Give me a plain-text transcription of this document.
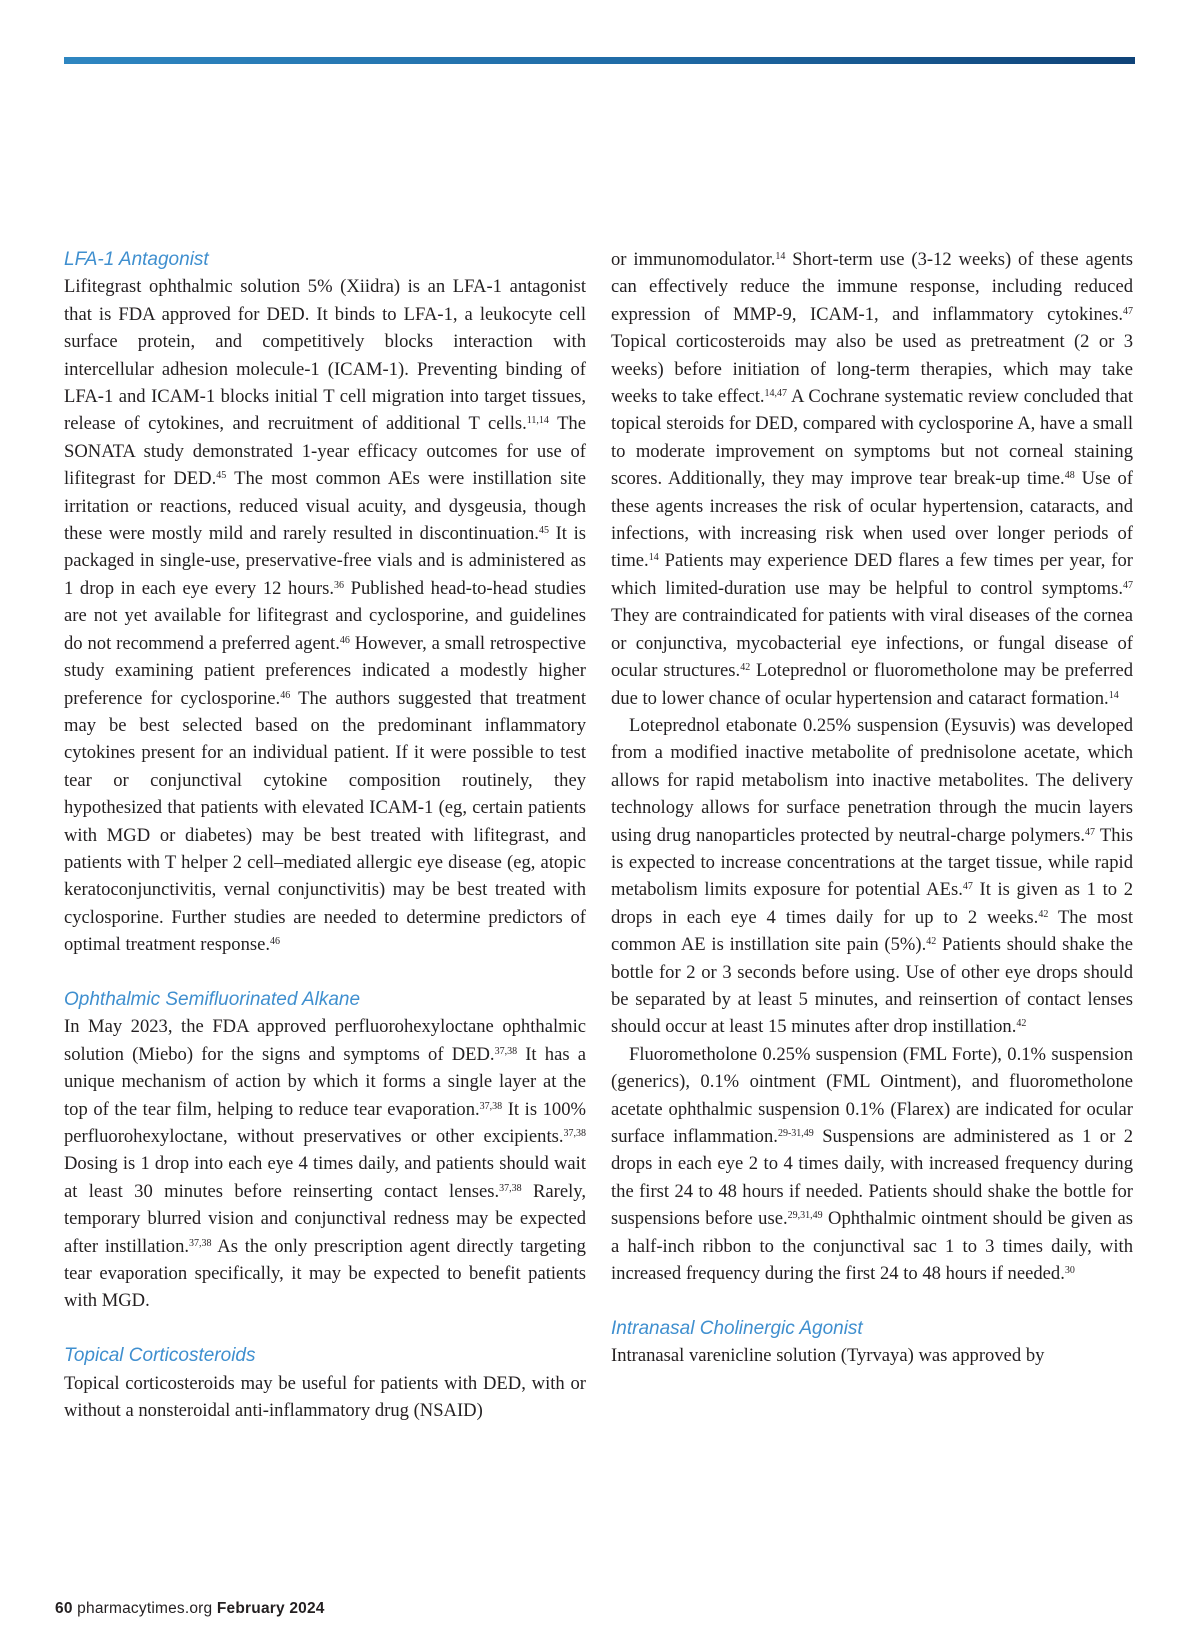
LFA-1 Antagonist

Lifitegrast ophthalmic solution 5% (Xiidra) is an LFA-1 antagonist that is FDA approved for DED. It binds to LFA-1, a leukocyte cell surface protein, and competitively blocks interaction with intercellular adhesion molecule-1 (ICAM-1). Preventing binding of LFA-1 and ICAM-1 blocks initial T cell migration into target tissues, release of cytokines, and recruitment of additional T cells.$^{11,14}$ The SONATA study demonstrated 1-year efficacy outcomes for use of lifitegrast for DED.$^{45}$ The most common AEs were instillation site irritation or reactions, reduced visual acuity, and dysgeusia, though these were mostly mild and rarely resulted in discontinuation.$^{45}$ It is packaged in single-use, preservative-free vials and is administered as 1 drop in each eye every 12 hours.$^{36}$ Published head-to-head studies are not yet available for lifitegrast and cyclosporine, and guidelines do not recommend a preferred agent.$^{46}$ However, a small retrospective study examining patient preferences indicated a modestly higher preference for cyclosporine.$^{46}$ The authors suggested that treatment may be best selected based on the predominant inflammatory cytokines present for an individual patient. If it were possible to test tear or conjunctival cytokine composition routinely, they hypothesized that patients with elevated ICAM-1 (eg, certain patients with MGD or diabetes) may be best treated with lifitegrast, and patients with T helper 2 cell–mediated allergic eye disease (eg, atopic keratoconjunctivitis, vernal conjunctivitis) may be best treated with cyclosporine. Further studies are needed to determine predictors of optimal treatment response.$^{46}$

Ophthalmic Semifluorinated Alkane

In May 2023, the FDA approved perfluorohexyloctane ophthalmic solution (Miebo) for the signs and symptoms of DED.$^{37,38}$ It has a unique mechanism of action by which it forms a single layer at the top of the tear film, helping to reduce tear evaporation.$^{37,38}$ It is 100% perfluorohexyloctane, without preservatives or other excipients.$^{37,38}$ Dosing is 1 drop into each eye 4 times daily, and patients should wait at least 30 minutes before reinserting contact lenses.$^{37,38}$ Rarely, temporary blurred vision and conjunctival redness may be expected after instillation.$^{37,38}$ As the only prescription agent directly targeting tear evaporation specifically, it may be expected to benefit patients with MGD.

Topical Corticosteroids

Topical corticosteroids may be useful for patients with DED, with or without a nonsteroidal anti-inflammatory drug (NSAID)

or immunomodulator.$^{14}$ Short-term use (3-12 weeks) of these agents can effectively reduce the immune response, including reduced expression of MMP-9, ICAM-1, and inflammatory cytokines.$^{47}$ Topical corticosteroids may also be used as pretreatment (2 or 3 weeks) before initiation of long-term therapies, which may take weeks to take effect.$^{14,47}$ A Cochrane systematic review concluded that topical steroids for DED, compared with cyclosporine A, have a small to moderate improvement on symptoms but not corneal staining scores. Additionally, they may improve tear break-up time.$^{48}$ Use of these agents increases the risk of ocular hypertension, cataracts, and infections, with increasing risk when used over longer periods of time.$^{14}$ Patients may experience DED flares a few times per year, for which limited-duration use may be helpful to control symptoms.$^{47}$ They are contraindicated for patients with viral diseases of the cornea or conjunctiva, mycobacterial eye infections, or fungal disease of ocular structures.$^{42}$ Loteprednol or fluorometholone may be preferred due to lower chance of ocular hypertension and cataract formation.$^{14}$

Loteprednol etabonate 0.25% suspension (Eysuvis) was developed from a modified inactive metabolite of prednisolone acetate, which allows for rapid metabolism into inactive metabolites. The delivery technology allows for surface penetration through the mucin layers using drug nanoparticles protected by neutral-charge polymers.$^{47}$ This is expected to increase concentrations at the target tissue, while rapid metabolism limits exposure for potential AEs.$^{47}$ It is given as 1 to 2 drops in each eye 4 times daily for up to 2 weeks.$^{42}$ The most common AE is instillation site pain (5%).$^{42}$ Patients should shake the bottle for 2 or 3 seconds before using. Use of other eye drops should be separated by at least 5 minutes, and reinsertion of contact lenses should occur at least 15 minutes after drop instillation.$^{42}$

Fluorometholone 0.25% suspension (FML Forte), 0.1% suspension (generics), 0.1% ointment (FML Ointment), and fluorometholone acetate ophthalmic suspension 0.1% (Flarex) are indicated for ocular surface inflammation.$^{29-31,49}$ Suspensions are administered as 1 or 2 drops in each eye 2 to 4 times daily, with increased frequency during the first 24 to 48 hours if needed. Patients should shake the bottle for suspensions before use.$^{29,31,49}$ Ophthalmic ointment should be given as a half-inch ribbon to the conjunctival sac 1 to 3 times daily, with increased frequency during the first 24 to 48 hours if needed.$^{30}$

Intranasal Cholinergic Agonist

Intranasal varenicline solution (Tyrvaya) was approved by

60 pharmacytimes.org February 2024
